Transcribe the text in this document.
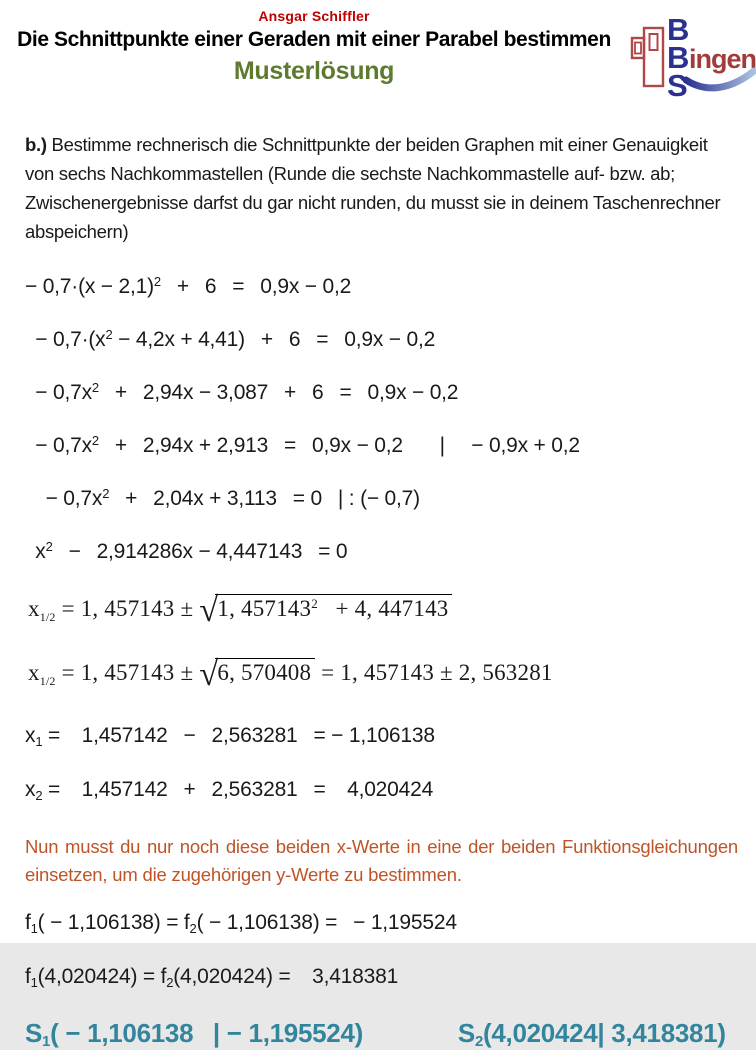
Ansgar Schiffler
Die Schnittpunkte einer Geraden mit einer Parabel bestimmen
Musterlösung
B
B ingen
S
b.) Bestimme rechnerisch die Schnittpunkte der beiden Graphen mit einer Genauigkeit
von sechs Nachkommastellen (Runde die sechste Nachkommastelle auf- bzw. ab;
Zwischenergebnisse darfst du gar nicht runden, du musst sie in deinem Taschenrechner
abspeichern)
− $0,7\cdot(x - 2,1)^2$  +  6  =  0,9x − 0,2
 − $0,7\cdot(x^2 - 4,2x + 4,41)$  +  6  =  0,9x − 0,2
 − $0,7x^2$  +  2,94x − 3,087  +  6  =  0,9x − 0,2
 − $0,7x^2$  +  2,94x + 2,913  =  0,9x − 0,2   |  − 0,9x + 0,2
  − $0,7x^2$  +  2,04x + 3,113  = 0  | : (− 0,7)
 $x^2$  −  2,914286x − 4,447143  = 0
$x_{1/2} = 1$, 457143 ± √1, 457143$^2$  + 4, 447143
$x_{1/2} = 1$, 457143 ± √6, 570408 = 1, 457143 ± 2, 563281
$x_1$ =   1,457142  −  2,563281  = − 1,106138
$x_2$ =   1,457142  +  2,563281  =   4,020424
Nun musst du nur noch diese beiden x-Werte in eine der beiden Funktionsgleichungen
einsetzen, um die zugehörigen y-Werte zu bestimmen.
$f_1( - 1,106138) = f_2( - 1,106138)$ =  − 1,195524
$f_1(4,020424) = f_2(4,020424)$ =   3,418381
$S_1( - 1,106138$  | − 1,195524)	$S_2(4,020424|$ 3,418381)
